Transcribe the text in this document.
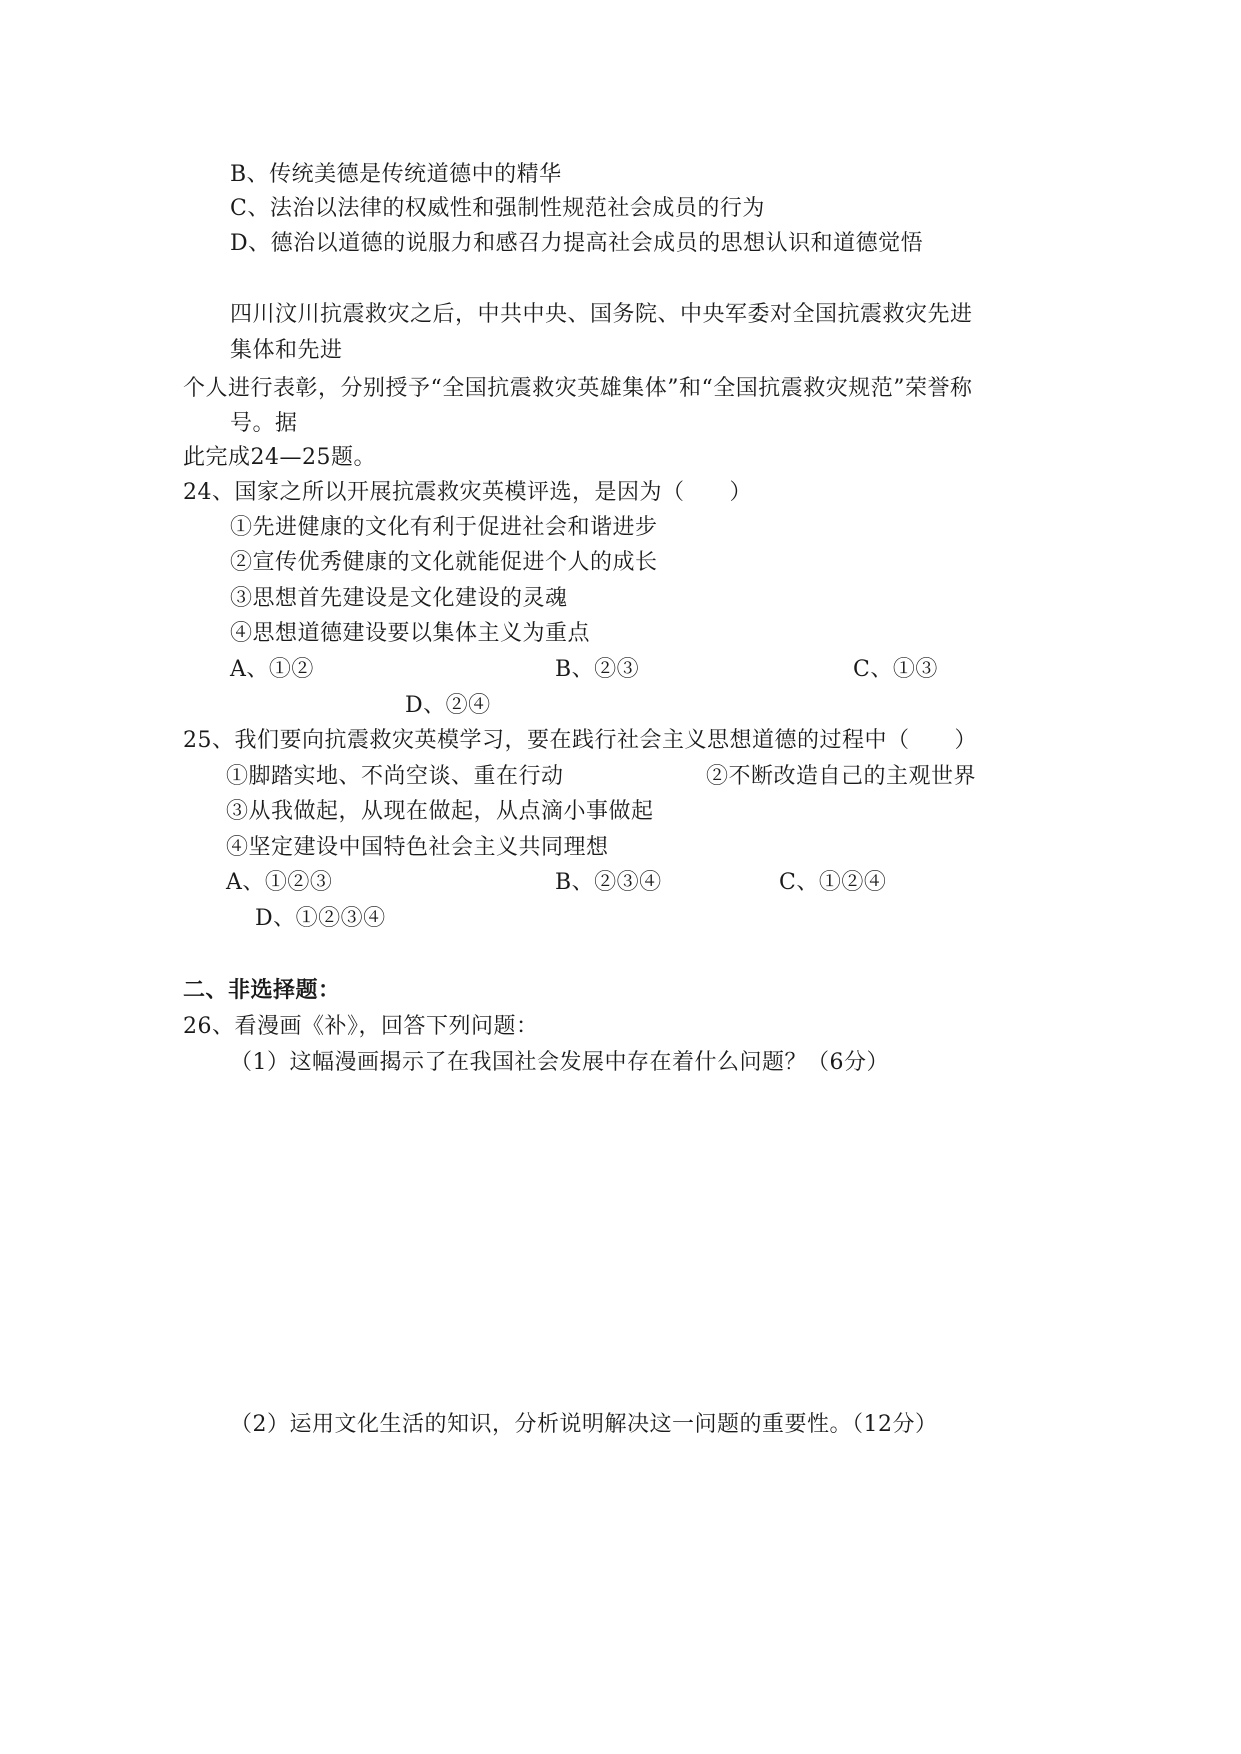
B、传统美德是传统道德中的精华
C、法治以法律的权威性和强制性规范社会成员的行为
D、德治以道德的说服力和感召力提高社会成员的思想认识和道德觉悟
四川汶川抗震救灾之后，中共中央、国务院、中央军委对全国抗震救灾先进
集体和先进
个人进行表彰，分别授予“全国抗震救灾英雄集体”和“全国抗震救灾规范”荣誉称
号。据
此完成24—25题。
24、国家之所以开展抗震救灾英模评选，是因为（　　）
①先进健康的文化有利于促进社会和谐进步
②宣传优秀健康的文化就能促进个人的成长
③思想首先建设是文化建设的灵魂
④思想道德建设要以集体主义为重点
A、①②	B、②③	C、①③
D、②④
25、我们要向抗震救灾英模学习，要在践行社会主义思想道德的过程中（　　）
①脚踏实地、不尚空谈、重在行动	②不断改造自己的主观世界
③从我做起，从现在做起，从点滴小事做起
④坚定建设中国特色社会主义共同理想
A、①②③	B、②③④	C、①②④
D、①②③④
二、非选择题：
26、看漫画《补》，回答下列问题：
（1）这幅漫画揭示了在我国社会发展中存在着什么问题？（6分）
（2）运用文化生活的知识，分析说明解决这一问题的重要性。（12分）
